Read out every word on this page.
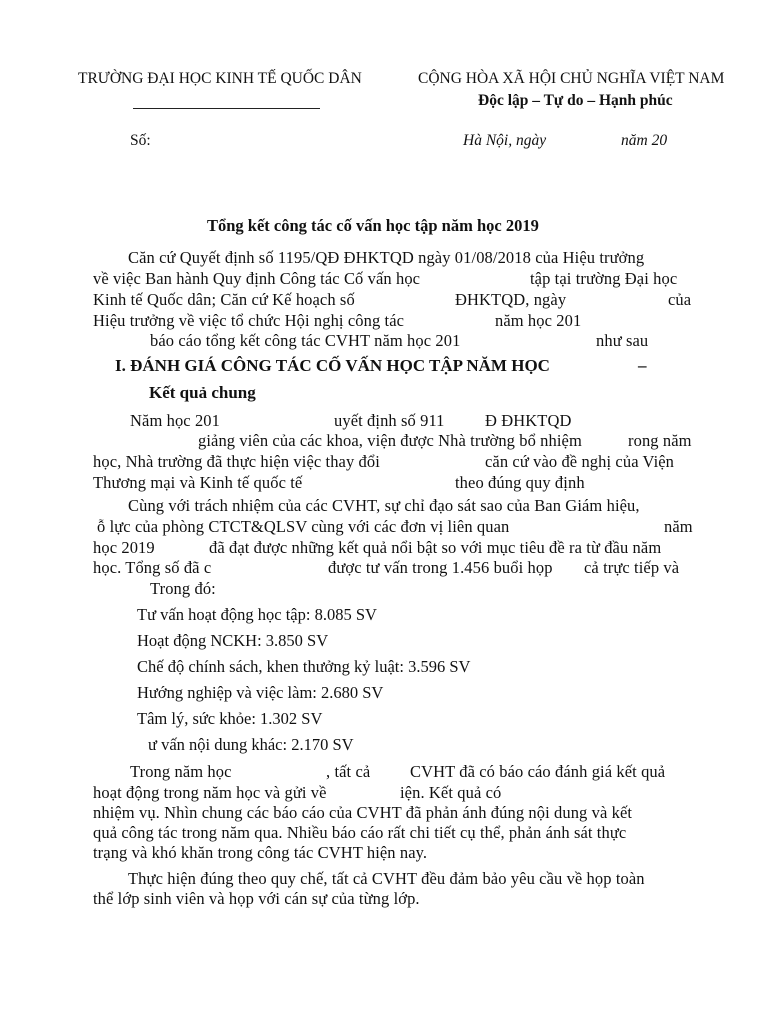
TRƯỜNG ĐẠI HỌC KINH TẾ QUỐC DÂN	CỘNG HÒA XÃ HỘI CHỦ NGHĨA VIỆT NAM
Độc lập – Tự do – Hạnh phúc
Số:	Hà Nội, ngày	năm 20
Tổng kết công tác cố vấn học tập năm học 2019
Căn cứ Quyết định số 1195/QĐ ĐHKTQD ngày 01/08/2018 của Hiệu trưởng
về việc Ban hành Quy định Công tác Cố vấn học	tập tại trường Đại học
Kinh tế Quốc dân; Căn cứ Kế hoạch số	ĐHKTQD, ngày	của
Hiệu trưởng về việc tổ chức Hội nghị công tác	năm học 201
báo cáo tổng kết công tác CVHT năm học 201	như sau
I. ĐÁNH GIÁ CÔNG TÁC CỐ VẤN HỌC TẬP NĂM HỌC	–
Kết quả chung
Năm học 201	uyết định số 911 Đ ĐHKTQD
giảng viên của các khoa, viện được Nhà trường bổ nhiệm	rong năm
học, Nhà trường đã thực hiện việc thay đổi	căn cứ vào đề nghị của Viện
Thương mại và Kinh tế quốc tế	theo đúng quy định
Cùng với trách nhiệm của các CVHT, sự chỉ đạo sát sao của Ban Giám hiệu,
ỗ lực của phòng CTCT&QLSV cùng với các đơn vị liên quan	năm
học 2019	đã đạt được những kết quả nổi bật so với mục tiêu đề ra từ đầu năm
học. Tổng số đã c	được tư vấn trong 1.456 buổi họp cả trực tiếp và
Trong đó:
Tư vấn hoạt động học tập: 8.085 SV
Hoạt động NCKH: 3.850 SV
Chế độ chính sách, khen thưởng kỷ luật: 3.596 SV
Hướng nghiệp và việc làm: 2.680 SV
Tâm lý, sức khỏe: 1.302 SV
ư vấn nội dung khác: 2.170 SV
Trong năm học	, tất cả CVHT đã có báo cáo đánh giá kết quả
hoạt động trong năm học và gửi về	iện. Kết quả có
nhiệm vụ. Nhìn chung các báo cáo của CVHT đã phản ánh đúng nội dung và kết
quả công tác trong năm qua. Nhiều báo cáo rất chi tiết cụ thể, phản ánh sát thực
trạng và khó khăn trong công tác CVHT hiện nay.
Thực hiện đúng theo quy chế, tất cả CVHT đều đảm bảo yêu cầu về họp toàn
thể lớp sinh viên và họp với cán sự của từng lớp.
